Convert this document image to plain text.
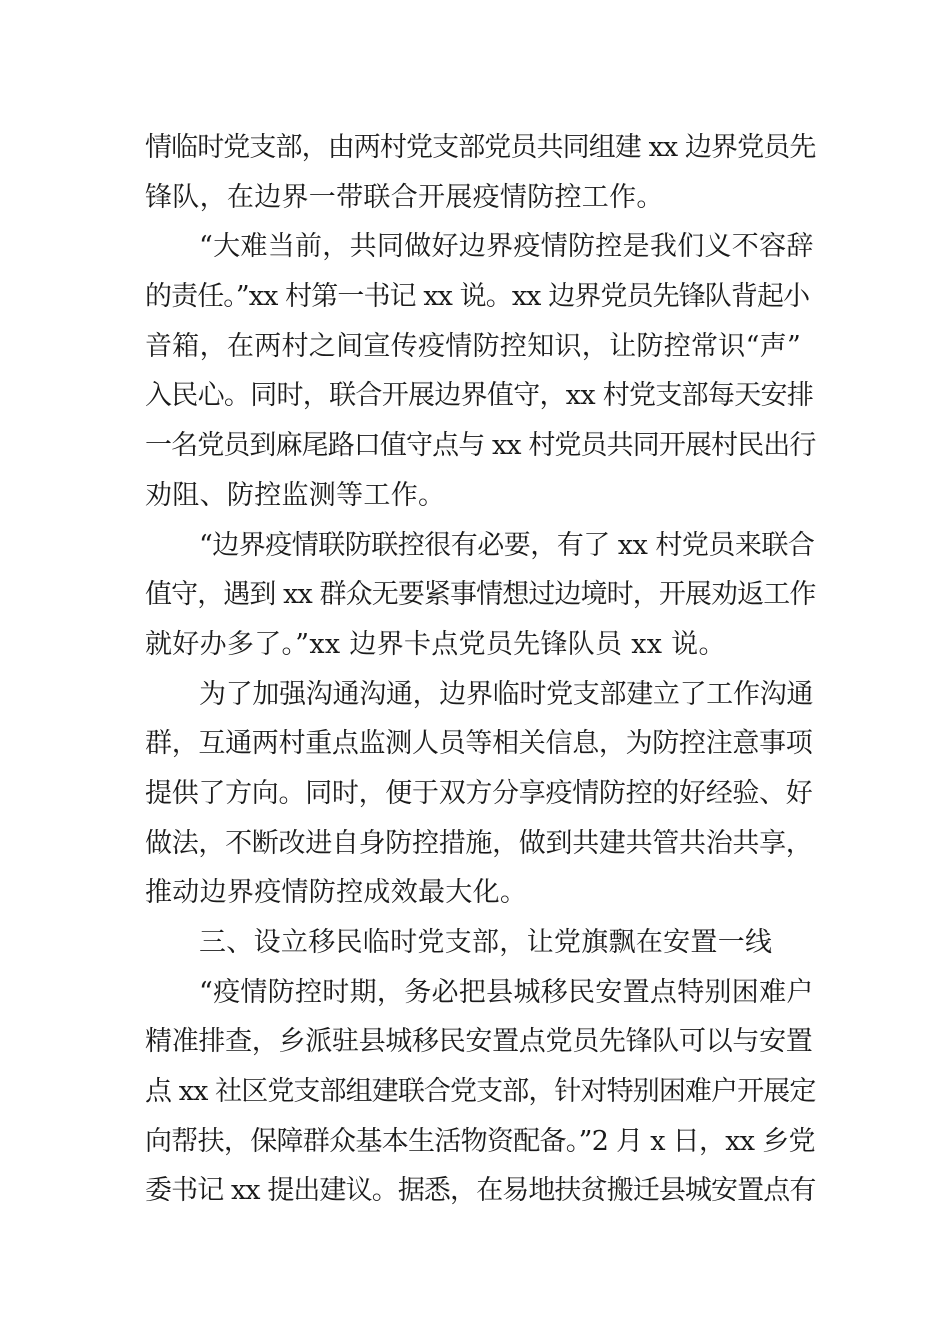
情临时党支部，由两村党支部党员共同组建 xx 边界党员先
锋队，在边界一带联合开展疫情防控工作。
“大难当前，共同做好边界疫情防控是我们义不容辞
的责任。”xx 村第一书记 xx 说。xx 边界党员先锋队背起小
音箱，在两村之间宣传疫情防控知识，让防控常识“声”
入民心。同时，联合开展边界值守，xx 村党支部每天安排
一名党员到麻尾路口值守点与 xx 村党员共同开展村民出行
劝阻、防控监测等工作。
“边界疫情联防联控很有必要，有了 xx 村党员来联合
值守，遇到 xx 群众无要紧事情想过边境时，开展劝返工作
就好办多了。”xx 边界卡点党员先锋队员 xx 说。
为了加强沟通沟通，边界临时党支部建立了工作沟通
群，互通两村重点监测人员等相关信息，为防控注意事项
提供了方向。同时，便于双方分享疫情防控的好经验、好
做法，不断改进自身防控措施，做到共建共管共治共享，
推动边界疫情防控成效最大化。
三、设立移民临时党支部，让党旗飘在安置一线
“疫情防控时期，务必把县城移民安置点特别困难户
精准排查，乡派驻县城移民安置点党员先锋队可以与安置
点 xx 社区党支部组建联合党支部，针对特别困难户开展定
向帮扶，保障群众基本生活物资配备。”2 月 x 日，xx 乡党
委书记 xx 提出建议。据悉，在易地扶贫搬迁县城安置点有
